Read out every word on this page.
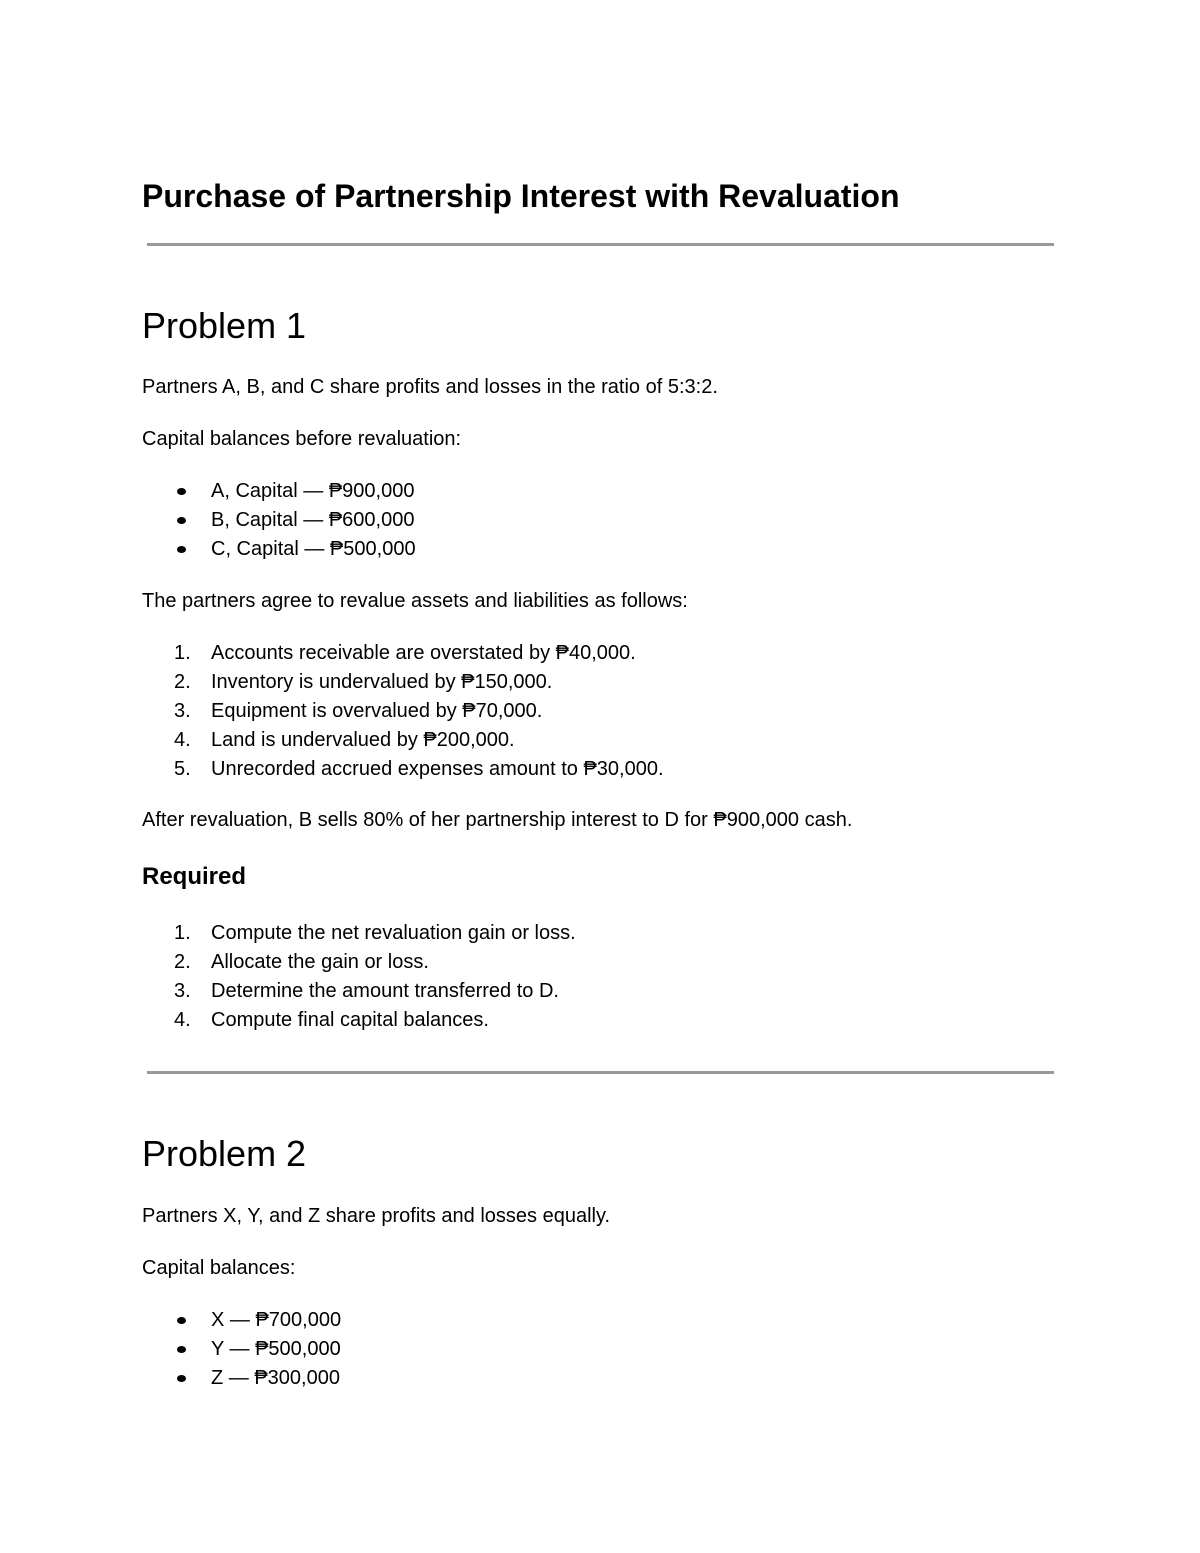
Purchase of Partnership Interest with Revaluation
Problem 1

Partners A, B, and C share profits and losses in the ratio of 5:3:2.

Capital balances before revaluation:

A, Capital — ₱900,000
B, Capital — ₱600,000
C, Capital — ₱500,000

The partners agree to revalue assets and liabilities as follows:

1.	Accounts receivable are overstated by ₱40,000.
2.	Inventory is undervalued by ₱150,000.
3.	Equipment is overvalued by ₱70,000.
4.	Land is undervalued by ₱200,000.
5.	Unrecorded accrued expenses amount to ₱30,000.

After revaluation, B sells 80% of her partnership interest to D for ₱900,000 cash.

Required
1.	Compute the net revaluation gain or loss.
2.	Allocate the gain or loss.
3.	Determine the amount transferred to D.
4.	Compute final capital balances.
Problem 2

Partners X, Y, and Z share profits and losses equally.

Capital balances:

X — ₱700,000
Y — ₱500,000
Z — ₱300,000
